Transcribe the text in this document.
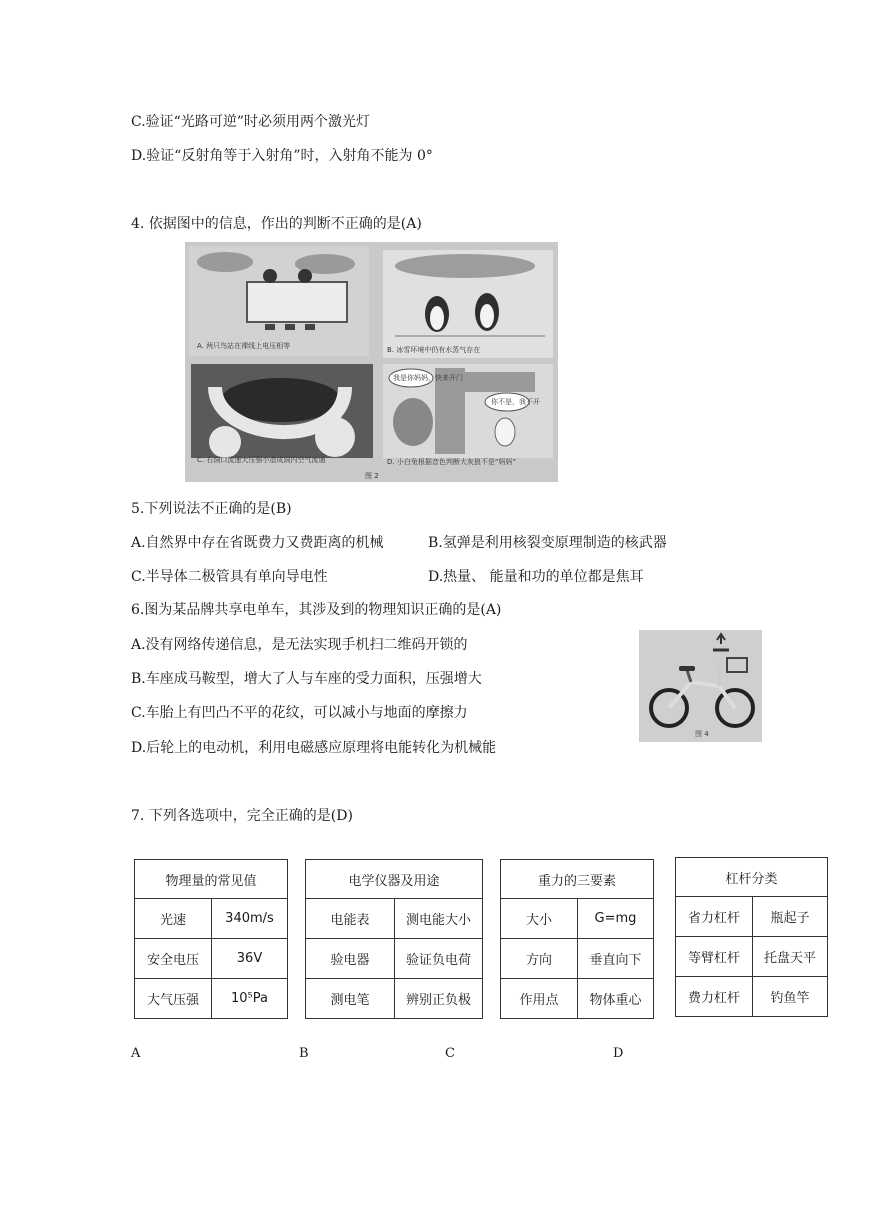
C.验证“光路可逆”时必须用两个激光灯
D.验证“反射角等于入射角”时，入射角不能为 0°
4. 依据图中的信息，作出的判断不正确的是(A)
A. 两只鸟站在裸线上电压相等	B. 冰雪环境中仍有水蒸气存在
C. 右洞口流速大压强小造成洞内空气流通
我是你妈妈，快来开门
你不是，我不开
D. 小白兔根据音色判断大灰狼不是“妈妈”
图 2
5.下列说法不正确的是(B)
A.自然界中存在省既费力又费距离的机械	B.氢弹是利用核裂变原理制造的核武器
C.半导体二极管具有单向导电性	D.热量、 能量和功的单位都是焦耳
6.图为某品牌共享电单车，其涉及到的物理知识正确的是(A)
A.没有网络传递信息，是无法实现手机扫二维码开锁的
B.车座成马鞍型，增大了人与车座的受力面积，压强增大
C.车胎上有凹凸不平的花纹，可以减小与地面的摩擦力
D.后轮上的电动机，利用电磁感应原理将电能转化为机械能
图 4
7. 下列各选项中，完全正确的是(D)
物理量的常见值	
光速	340m/s
安全电压	36V
大气压强	10⁵Pa
电学仪器及用途	
电能表	测电能大小
验电器	验证负电荷
测电笔	辨别正负极
重力的三要素	
大小	G=mg
方向	垂直向下
作用点	物体重心
杠杆分类	
省力杠杆	瓶起子
等臂杠杆	托盘天平
费力杠杆	钓鱼竿
A	B	C	D
